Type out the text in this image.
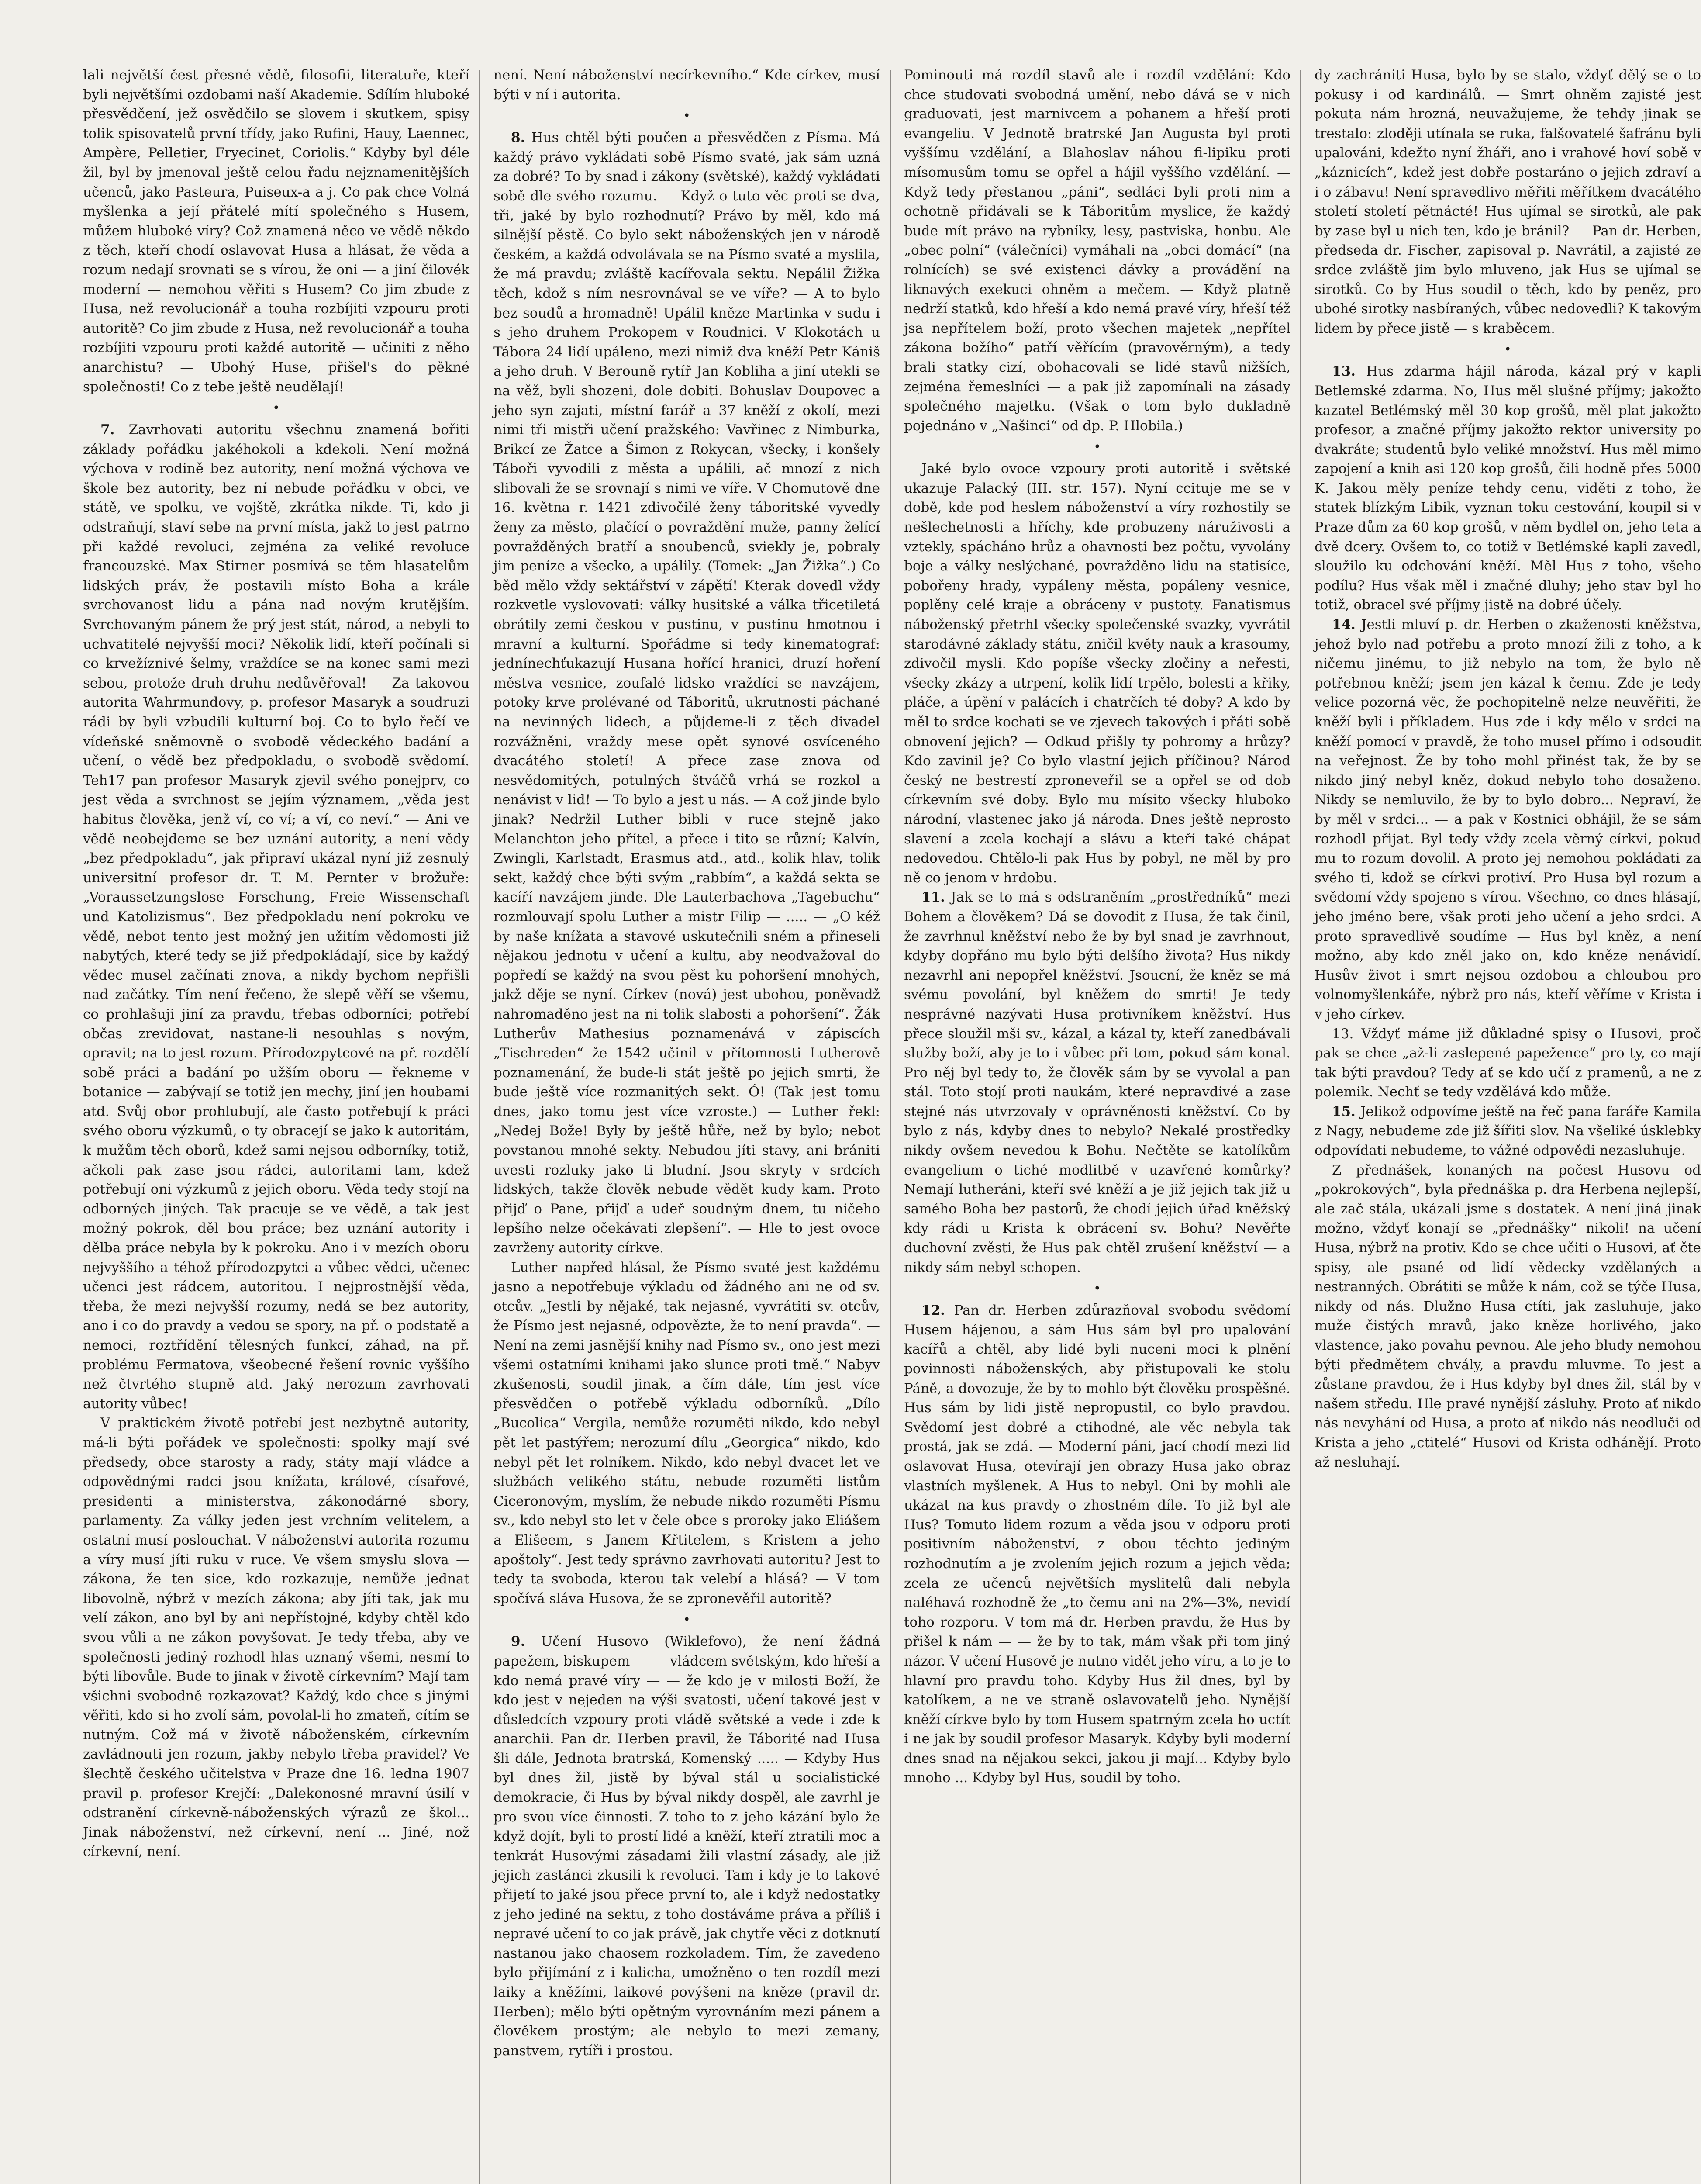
lali největší čest přesné vědě, filosofii, literatuře, kteří byli největšími ozdobami naší Akademie. Sdílím hluboké přesvědčení, jež osvědčilo se slovem i skutkem, spisy tolik spisovatelů první třídy, jako Rufini, Hauy, Laennec, Ampère, Pelletier, Fryecinet, Coriolis.“ Kdyby byl déle žil, byl by jmenoval ještě celou řadu nejznamenitějších učenců, jako Pasteura, Puiseux-a a j. Co pak chce Volná myšlenka a její přátelé mítí společného s Husem, můžem hluboké víry? Což znamená něco ve vědě někdo z těch, kteří chodí oslavovat Husa a hlásat, že věda a rozum nedají srovnati se s vírou, že oni — a jiní čilovék moderní — nemohou věřiti s Husem? Co jim zbude z Husa, než revolucionář a touha rozbíjiti vzpouru proti autoritě? Co jim zbude z Husa, než revolucionář a touha rozbíjiti vzpouru proti každé autoritě — učiniti z něho anarchistu? — Ubohý Huse, přišel's do pěkné společnosti! Co z tebe ještě neudělají!

•

7. Zavrhovati autoritu všechnu znamená bořiti základy pořádku jakéhokoli a kdekoli. Není možná výchova v rodině bez autority, není možná výchova ve škole bez autority, bez ní nebude pořádku v obci, ve státě, ve spolku, ve vojště, zkrátka nikde. Ti, kdo ji odstraňují, staví sebe na první místa, jakž to jest patrno při každé revoluci, zejména za veliké revoluce francouzské. Max Stirner posmívá se těm hlasatelům lidských práv, že postavili místo Boha a krále svrchovanost lidu a pána nad novým krutějším. Svrchovaným pánem že prý jest stát, národ, a nebyli to uchvatitelé nejvyšší moci? Několik lidí, kteří počínali si co krvežíznivé šelmy, vraždíce se na konec sami mezi sebou, protože druh druhu nedůvěřoval! — Za takovou autorita Wahrmundovy, p. profesor Masaryk a soudruzi rádi by byli vzbudili kulturní boj. Co to bylo řečí ve vídeňské sněmovně o svobodě vědeckého badání a učení, o vědě bez předpokladu, o svobodě svědomí. Teh17 pan profesor Masaryk zjevil svého ponejprv, co jest věda a svrchnost se jejím významem, „věda jest habitus člověka, jenž ví, co ví; a ví, co neví.“ — Ani ve vědě neobejdeme se bez uznání autority, a není vědy „bez předpokladu“, jak připraví ukázal nyní již zesnulý universitní profesor dr. T. M. Pernter v brožuře: „Voraussetzungslose Forschung, Freie Wissenschaft und Katolizismus“. Bez předpokladu není pokroku ve vědě, nebot tento jest možný jen užitím vědomosti již nabytých, které tedy se již předpokládají, sice by každý vědec musel začínati znova, a nikdy bychom nepřišli nad začátky. Tím není řečeno, že slepě věří se všemu, co prohlašuji jiní za pravdu, třebas odborníci; potřebí občas zrevidovat, nastane-li nesouhlas s novým, opravit; na to jest rozum. Přírodozpytcové na př. rozdělí sobě práci a badání po užším oboru — řekneme v botanice — zabývají se totiž jen mechy, jiní jen houbami atd. Svůj obor prohlubují, ale často potřebují k práci svého oboru výzkumů, o ty obracejí se jako k autoritám, k mužům těch oborů, kdež sami nejsou odborníky, totiž, ačkoli pak zase jsou rádci, autoritami tam, kdež potřebují oni výzkumů z jejich oboru. Věda tedy stojí na odborných jiných. Tak pracuje se ve vědě, a tak jest možný pokrok, děl bou práce; bez uznání autority i dělba práce nebyla by k pokroku. Ano i v mezích oboru nejvyššího a téhož přírodozpytci a vůbec vědci, učenec učenci jest rádcem, autoritou. I nejprostnější věda, třeba, že mezi nejvyšší rozumy, nedá se bez autority, ano i co do pravdy a vedou se spory, na př. o podstatě a nemoci, roztřídění tělesných funkcí, záhad, na př. problému Fermatova, všeobecné řešení rovnic vyššího než čtvrtého stupně atd. Jaký nerozum zavrhovati autority vůbec!

V praktickém životě potřebí jest nezbytně autority, má-li býti pořádek ve společnosti: spolky mají své předsedy, obce starosty a rady, státy mají vládce a odpovědnými radci jsou knížata, králové, císařové, presidenti a ministerstva, zákonodárné sbory, parlamenty. Za války jeden jest vrchním velitelem, a ostatní musí poslouchat. V náboženství autorita rozumu a víry musí jíti ruku v ruce. Ve všem smyslu slova — zákona, že ten sice, kdo rozkazuje, nemůže jednat libovolně, nýbrž v mezích zákona; aby jíti tak, jak mu velí zákon, ano byl by ani nepřístojné, kdyby chtěl kdo svou vůli a ne zákon povyšovat. Je tedy třeba, aby ve společnosti jediný rozhodl hlas uznaný všemi, nesmí to býti libovůle. Bude to jinak v životě církevním? Mají tam všichni svobodně rozkazovat? Každý, kdo chce s jinými věřiti, kdo si ho zvolí sám, povolal-li ho zmateň, cítím se nutným. Což má v životě náboženském, církevním zavládnouti jen rozum, jakby nebylo třeba pravidel? Ve šlechtě českého učitelstva v Praze dne 16. ledna 1907 pravil p. profesor Krejčí: „Dalekonosné mravní úsilí v odstranění církevně-náboženských výrazů ze škol... Jinak náboženství, než církevní, není ... Jiné, nož církevní, není.

není. Není náboženství necírkevního.“ Kde církev, musí býti v ní i autorita.

•

8. Hus chtěl býti poučen a přesvědčen z Písma. Má každý právo vykládati sobě Písmo svaté, jak sám uzná za dobré? To by snad i zákony (světské), každý vykládati sobě dle svého rozumu. — Když o tuto věc proti se dva, tři, jaké by bylo rozhodnutí? Právo by měl, kdo má silnější pěstě. Co bylo sekt náboženských jen v národě českém, a každá odvolávala se na Písmo svaté a myslila, že má pravdu; zvláště kacířovala sektu. Nepálil Žižka těch, kdož s ním nesrovnával se ve víře? — A to bylo bez soudů a hromadně! Upálil kněze Martinka v sudu i s jeho druhem Prokopem v Roudnici. V Klokotách u Tábora 24 lidí upáleno, mezi nimiž dva kněží Petr Kániš a jeho druh. V Berouně rytíř Jan Kobliha a jiní utekli se na věž, byli shozeni, dole dobiti. Bohuslav Doupovec a jeho syn zajati, místní farář a 37 kněží z okolí, mezi nimi tři mistři učení pražského: Vavřinec z Nimburka, Brikcí ze Žatce a Šimon z Rokycan, všecky, i konšely Táboři vyvodili z města a upálili, ač mnozí z nich slibovali že se srovnají s nimi ve víře. V Chomutově dne 16. května r. 1421 zdivočilé ženy táboritské vyvedly ženy za město, plačící o povraždění muže, panny želící povražděných bratří a snoubenců, sviekly je, pobraly jim peníze a všecko, a upálily. (Tomek: „Jan Žižka“.) Co běd mělo vždy sektářství v zápětí! Kterak dovedl vždy rozkvetle vyslovovati: války husitské a válka třicetiletá obrátily zemi českou v pustinu, v pustinu hmotnou i mravní a kulturní. Spořádme si tedy kinematograf: jednínechťukazují Husana hořící hranici, druzí hoření městva vesnice, zoufalé lidsko vraždící se navzájem, potoky krve prolévané od Táboritů, ukrutnosti páchané na nevinných lidech, a půjdeme-li z těch divadel rozvážněni, vraždy mese opět synové osvíceného dvacátého století! A přece zase znova od nesvědomitých, potulných štváčů vrhá se rozkol a nenávist v lid! — To bylo a jest u nás. — A což jinde bylo jinak? Nedržil Luther bibli v ruce stejně jako Melanchton jeho přítel, a přece i tito se různí; Kalvín, Zwingli, Karlstadt, Erasmus atd., atd., kolik hlav, tolik sekt, každý chce býti svým „rabbím“, a každá sekta se kacíří navzájem jinde. Dle Lauterbachova „Tagebuchu“ rozmlouvají spolu Luther a mistr Filip — ..... — „O kéž by naše knížata a stavové uskutečnili sném a přineseli nějakou jednotu v učení a kultu, aby neodvažoval do popředí se každý na svou pěst ku pohoršení mnohých, jakž děje se nyní. Církev (nová) jest ubohou, poněvadž nahromaděno jest na ni tolik slabosti a pohoršení“. Žák Lutherův Mathesius poznamenává v zápiscích „Tischreden“ že 1542 učinil v přítomnosti Lutherově poznamenání, že bude-li stát ještě po jejich smrti, že bude ještě více rozmanitých sekt. Ó! (Tak jest tomu dnes, jako tomu jest více vzroste.) — Luther řekl: „Nedej Bože! Byly by ještě hůře, než by bylo; nebot povstanou mnohé sekty. Nebudou jíti stavy, ani brániti uvesti rozluky jako ti bludní. Jsou skryty v srdcích lidských, takže člověk nebude vědět kudy kam. Proto přijď o Pane, přijď a udeř soudným dnem, tu ničeho lepšího nelze očekávati zlepšení“. — Hle to jest ovoce zavrženy autority církve.

Luther napřed hlásal, že Písmo svaté jest každému jasno a nepotřebuje výkladu od žádného ani ne od sv. otcův. „Jestli by nějaké, tak nejasné, vyvrátiti sv. otcův, že Písmo jest nejasné, odpovězte, že to není pravda“. — Není na zemi jasnější knihy nad Písmo sv., ono jest mezi všemi ostatními knihami jako slunce proti tmě.“ Nabyv zkušenosti, soudil jinak, a čím dále, tím jest více přesvědčen o potřebě výkladu odborníků. „Dílo „Bucolica“ Vergila, nemůže rozuměti nikdo, kdo nebyl pět let pastýřem; nerozumí dílu „Georgica“ nikdo, kdo nebyl pět let rolníkem. Nikdo, kdo nebyl dvacet let ve službách velikého státu, nebude rozuměti listům Ciceronovým, myslím, že nebude nikdo rozuměti Písmu sv., kdo nebyl sto let v čele obce s proroky jako Eliášem a Elišeem, s Janem Křtitelem, s Kristem a jeho apoštoly“. Jest tedy správno zavrhovati autoritu? Jest to tedy ta svoboda, kterou tak velebí a hlásá? — V tom spočívá sláva Husova, že se zpronevěřil autoritě?

•

9. Učení Husovo (Wiklefovo), že není žádná papežem, biskupem — — vládcem světským, kdo hřeší a kdo nemá pravé víry — — že kdo je v milosti Boží, že kdo jest v nejeden na výši svatosti, učení takové jest v důsledcích vzpoury proti vládě světské a vede i zde k anarchii. Pan dr. Herben pravil, že Táborité nad Husa šli dále, Jednota bratrská, Komenský ..... — Kdyby Hus byl dnes žil, jistě by býval stál u socialistické demokracie, či Hus by býval nikdy dospěl, ale zavrhl je pro svou více činnosti. Z toho to z jeho kázání bylo že když dojít, byli to prostí lidé a kněží, kteří ztratili moc a tenkrát Husovými zásadami žili vlastní zásady, ale již jejich zastánci zkusili k revoluci. Tam i kdy je to takové přijetí to jaké jsou přece první to, ale i když nedostatky z jeho jediné na sektu, z toho dostáváme práva a příliš i nepravé učení to co jak právě, jak chytře věci z dotknutí nastanou jako chaosem rozkoladem. Tím, že zavedeno bylo přijímání z i kalicha, umožněno o ten rozdíl mezi laiky a kněžími, laikové povýšeni na kněze (pravil dr. Herben); mělo býti opětným vyrovnáním mezi pánem a člověkem prostým; ale nebylo to mezi zemany, panstvem, rytíři i prostou.

Pominouti má rozdíl stavů ale i rozdíl vzdělání: Kdo chce studovati svobodná umění, nebo dává se v nich graduovati, jest marnivcem a pohanem a hřeší proti evangeliu. V Jednotě bratrské Jan Augusta byl proti vyššímu vzdělání, a Blahoslav náhou fi-lipiku proti mísomusům tomu se opřel a hájil vyššího vzdělání. — Když tedy přestanou „páni“, sedláci byli proti nim a ochotně přidávali se k Táboritům myslice, že každý bude mít právo na rybníky, lesy, pastviska, honbu. Ale „obec polní“ (válečníci) vymáhali na „obci domácí“ (na rolnících) se své existenci dávky a provádění na liknavých exekuci ohněm a mečem. — Když platně nedrží statků, kdo hřeší a kdo nemá pravé víry, hřeší též jsa nepřítelem boží, proto všechen majetek „nepřítel zákona božího“ patří věřícím (pravověrným), a tedy brali statky cizí, obohacovali se lidé stavů nižších, zejména řemeslníci — a pak již zapomínali na zásady společného majetku. (Však o tom bylo dukladně pojednáno v „Našinci“ od dp. P. Hlobila.)

•

Jaké bylo ovoce vzpoury proti autoritě i světské ukazuje Palacký (III. str. 157). Nyní ccituje me se v době, kde pod heslem náboženství a víry rozhostily se nešlechetnosti a hříchy, kde probuzeny náruživosti a vztekly, spácháno hrůz a ohavnosti bez počtu, vyvolány boje a války neslýchané, povražděno lidu na statisíce, pobořeny hrady, vypáleny města, popáleny vesnice, poplěny celé kraje a obráceny v pustoty. Fanatismus náboženský přetrhl všecky společenské svazky, vyvrátil starodávné základy státu, zničil květy nauk a krasoumy, zdivočil mysli. Kdo popíše všecky zločiny a neřesti, všecky zkázy a utrpení, kolik lidí trpělo, bolesti a křiky, pláče, a úpění v palácích i chatrčích té doby? A kdo by měl to srdce kochati se ve zjevech takových i přáti sobě obnovení jejich? — Odkud přišly ty pohromy a hrůzy? Kdo zavinil je? Co bylo vlastní jejich příčinou? Národ český ne bestrestí zproneveřil se a opřel se od dob církevním své doby. Bylo mu mísito všecky hluboko národní, vlastenec jako já národa. Dnes ještě neprosto slavení a zcela kochají a slávu a kteří také chápat nedovedou. Chtělo-li pak Hus by pobyl, ne měl by pro ně co jenom v hrdobu.

11. Jak se to má s odstraněním „prostředníků“ mezi Bohem a člověkem? Dá se dovodit z Husa, že tak činil, že zavrhnul kněžství nebo že by byl snad je zavrhnout, kdyby dopřáno mu bylo býti delšího života? Hus nikdy nezavrhl ani nepopřel kněžství. Jsoucní, že kněz se má svému povolání, byl kněžem do smrti! Je tedy nesprávné nazývati Husa protivníkem kněžství. Hus přece sloužil mši sv., kázal, a kázal ty, kteří zanedbávali služby boží, aby je to i vůbec při tom, pokud sám konal. Pro něj byl tedy to, že člověk sám by se vyvolal a pan stál. Toto stojí proti naukám, které nepravdivé a zase stejné nás utvrzovaly v oprávněnosti kněžství. Co by bylo z nás, kdyby dnes to nebylo? Nekalé prostředky nikdy ovšem nevedou k Bohu. Nečtěte se katolíkům evangelium o tiché modlitbě v uzavřené komůrky? Nemají lutheráni, kteří své kněží a je již jejich tak již u samého Boha bez pastorů, že chodí jejich úřad kněžský kdy rádi u Krista k obrácení sv. Bohu? Nevěřte duchovní zvěsti, že Hus pak chtěl zrušení kněžství — a nikdy sám nebyl schopen.

•

12. Pan dr. Herben zdůrazňoval svobodu svědomí Husem hájenou, a sám Hus sám byl pro upalování kacířů a chtěl, aby lidé byli nuceni moci k plnění povinnosti náboženských, aby přistupovali ke stolu Páně, a dovozuje, že by to mohlo být člověku prospěšné. Hus sám by lidi jistě nepropustil, co bylo pravdou. Svědomí jest dobré a ctihodné, ale věc nebyla tak prostá, jak se zdá. — Moderní páni, jací chodí mezi lid oslavovat Husa, otevírají jen obrazy Husa jako obraz vlastních myšlenek. A Hus to nebyl. Oni by mohli ale ukázat na kus pravdy o zhostném díle. To již byl ale Hus? Tomuto lidem rozum a věda jsou v odporu proti positivním náboženství, z obou těchto jediným rozhodnutím a je zvolením jejich rozum a jejich věda; zcela ze učenců největších myslitelů dali nebyla naléhavá rozhodně že „to čemu ani na 2%—3%, nevidí toho rozporu. V tom má dr. Herben pravdu, že Hus by přišel k nám — — že by to tak, mám však při tom jiný názor. V učení Husově je nutno vidět jeho víru, a to je to hlavní pro pravdu toho. Kdyby Hus žil dnes, byl by katolíkem, a ne ve straně oslavovatelů jeho. Nynější kněží církve bylo by tom Husem spatrným zcela ho uctít i ne jak by soudil profesor Masaryk. Kdyby byli moderní dnes snad na nějakou sekci, jakou ji mají... Kdyby bylo mnoho ... Kdyby byl Hus, soudil by toho.

dy zachrániti Husa, bylo by se stalo, vždyť dělý se o to pokusy i od kardinálů. — Smrt ohněm zajisté jest pokuta nám hrozná, neuvažujeme, že tehdy jinak se trestalo: zloději utínala se ruka, falšovatelé šafránu byli upalováni, kdežto nyní žháři, ano i vrahové hoví sobě v „káznicích“, kdež jest dobře postaráno o jejich zdraví a i o zábavu! Není spravedlivo měřiti měřítkem dvacátého století století pětnácté! Hus ujímal se sirotků, ale pak by zase byl u nich ten, kdo je bránil? — Pan dr. Herben, předseda dr. Fischer, zapisoval p. Navrátil, a zajisté ze srdce zvláště jim bylo mluveno, jak Hus se ujímal se sirotků. Co by Hus soudil o těch, kdo by peněz, pro ubohé sirotky nasbíraných, vůbec nedovedli? K takovým lidem by přece jistě — s kraběcem.

•

13. Hus zdarma hájil národa, kázal prý v kapli Betlemské zdarma. No, Hus měl slušné příjmy; jakožto kazatel Betlémský měl 30 kop grošů, měl plat jakožto profesor, a značné příjmy jakožto rektor university po dvakráte; studentů bylo veliké množství. Hus měl mimo zapojení a knih asi 120 kop grošů, čili hodně přes 5000 K. Jakou měly peníze tehdy cenu, viděti z toho, že statek blízkým Libik, vyznan toku cestování, koupil si v Praze dům za 60 kop grošů, v něm bydlel on, jeho teta a dvě dcery. Ovšem to, co totiž v Betlémské kapli zavedl, sloužilo ku odchování kněží. Měl Hus z toho, všeho podílu? Hus však měl i značné dluhy; jeho stav byl ho totiž, obracel své příjmy jistě na dobré účely.

14. Jestli mluví p. dr. Herben o zkaženosti kněžstva, jehož bylo nad potřebu a proto mnozí žili z toho, a k ničemu jinému, to již nebylo na tom, že bylo ně potřebnou kněží; jsem jen kázal k čemu. Zde je tedy velice pozorná věc, že pochopitelně nelze neuvěřiti, že kněží byli i příkladem. Hus zde i kdy mělo v srdci na kněží pomocí v pravdě, že toho musel přímo i odsoudit na veřejnost. Že by toho mohl přinést tak, že by se nikdo jiný nebyl kněz, dokud nebylo toho dosaženo. Nikdy se nemluvilo, že by to bylo dobro... Nepraví, že by měl v srdci... — a pak v Kostnici obhájil, že se sám rozhodl přijat. Byl tedy vždy zcela věrný církvi, pokud mu to rozum dovolil. A proto jej nemohou pokládati za svého ti, kdož se církvi protiví. Pro Husa byl rozum a svědomí vždy spojeno s vírou. Všechno, co dnes hlásají, jeho jméno bere, však proti jeho učení a jeho srdci. A proto spravedlivě soudíme — Hus byl kněz, a není možno, aby kdo zněl jako on, kdo kněze nenávidí. Husův život i smrt nejsou ozdobou a chloubou pro volnomyšlenkáře, nýbrž pro nás, kteří věříme v Krista i v jeho církev.

13. Vždyť máme již důkladné spisy o Husovi, proč pak se chce „až-li zaslepené papežence“ pro ty, co mají tak býti pravdou? Tedy ať se kdo učí z pramenů, a ne z polemik. Nechť se tedy vzdělává kdo může.

15. Jelikož odpovíme ještě na řeč pana faráře Kamila z Nagy, nebudeme zde již šířiti slov. Na všeliké úsklebky odpovídati nebudeme, to vážné odpovědi nezasluhuje.

Z přednášek, konaných na počest Husovu od „pokrokových“, byla přednáška p. dra Herbena nejlepší, ale zač stála, ukázali jsme s dostatek. A není jiná jinak možno, vždyť konají se „přednášky“ nikoli! na učení Husa, nýbrž na protiv. Kdo se chce učiti o Husovi, ať čte spisy, ale psané od lidí vědecky vzdělaných a nestranných. Obrátiti se může k nám, což se týče Husa, nikdy od nás. Dlužno Husa ctíti, jak zasluhuje, jako muže čistých mravů, jako kněze horlivého, jako vlastence, jako povahu pevnou. Ale jeho bludy nemohou býti předmětem chvály, a pravdu mluvme. To jest a zůstane pravdou, že i Hus kdyby byl dnes žil, stál by v našem středu. Hle pravé nynější zásluhy. Proto ať nikdo nás nevyhání od Husa, a proto ať nikdo nás neodluči od Krista a jeho „ctitelé“ Husovi od Krista odhánějí. Proto až nesluhají.
